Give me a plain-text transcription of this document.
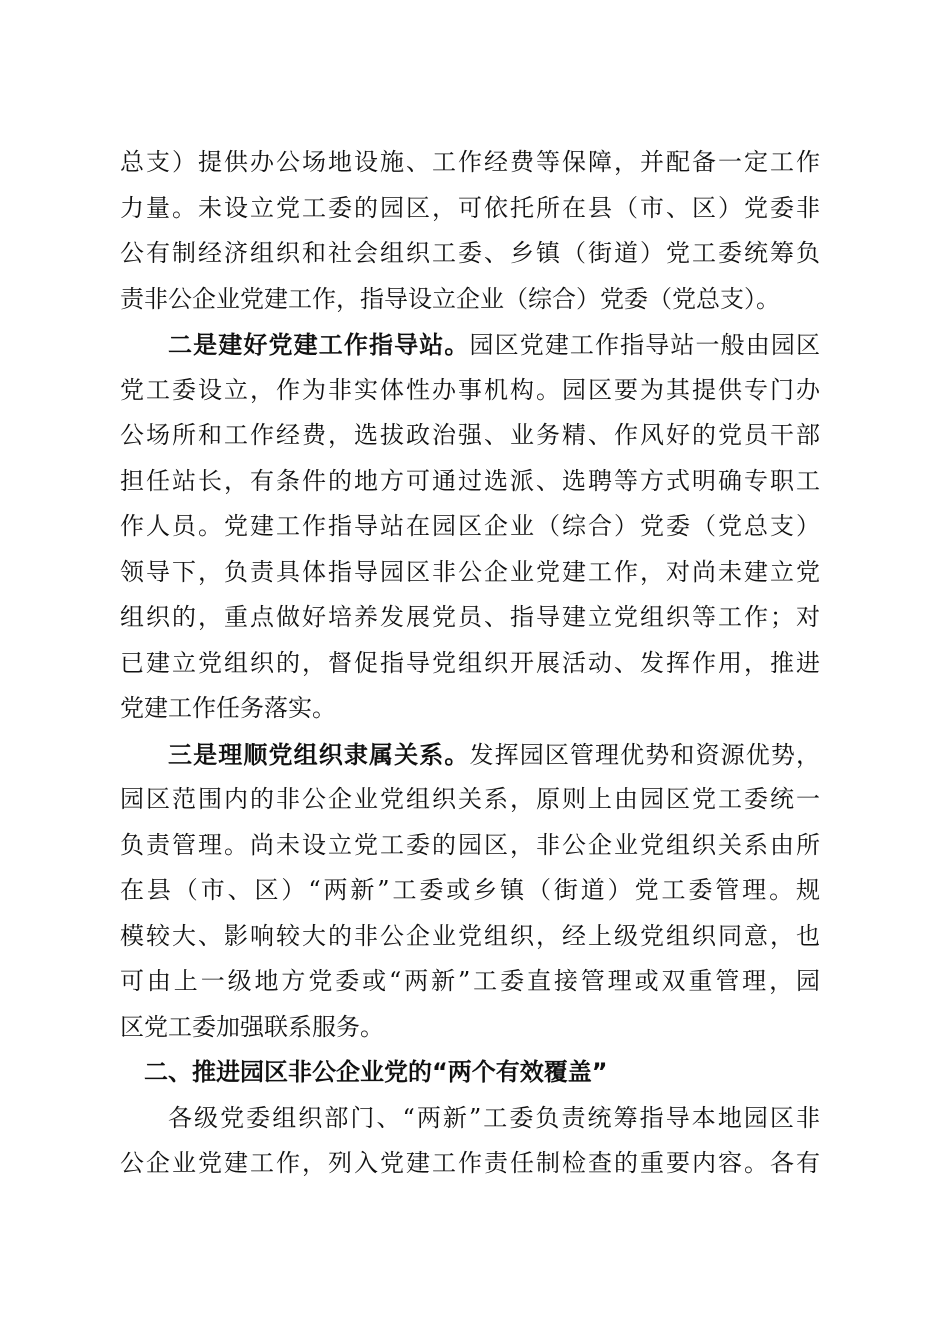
总支）提供办公场地设施、工作经费等保障，并配备一定工作
力量。未设立党工委的园区，可依托所在县（市、区）党委非
公有制经济组织和社会组织工委、乡镇（街道）党工委统筹负
责非公企业党建工作，指导设立企业（综合）党委（党总支）。
二是建好党建工作指导站。园区党建工作指导站一般由园区
党工委设立，作为非实体性办事机构。园区要为其提供专门办
公场所和工作经费，选拔政治强、业务精、作风好的党员干部
担任站长，有条件的地方可通过选派、选聘等方式明确专职工
作人员。党建工作指导站在园区企业（综合）党委（党总支）
领导下，负责具体指导园区非公企业党建工作，对尚未建立党
组织的，重点做好培养发展党员、指导建立党组织等工作；对
已建立党组织的，督促指导党组织开展活动、发挥作用，推进
党建工作任务落实。
三是理顺党组织隶属关系。发挥园区管理优势和资源优势，
园区范围内的非公企业党组织关系，原则上由园区党工委统一
负责管理。尚未设立党工委的园区，非公企业党组织关系由所
在县（市、区）“两新”工委或乡镇（街道）党工委管理。规
模较大、影响较大的非公企业党组织，经上级党组织同意，也
可由上一级地方党委或“两新”工委直接管理或双重管理，园
区党工委加强联系服务。
二、推进园区非公企业党的“两个有效覆盖”
各级党委组织部门、“两新”工委负责统筹指导本地园区非
公企业党建工作，列入党建工作责任制检查的重要内容。各有
